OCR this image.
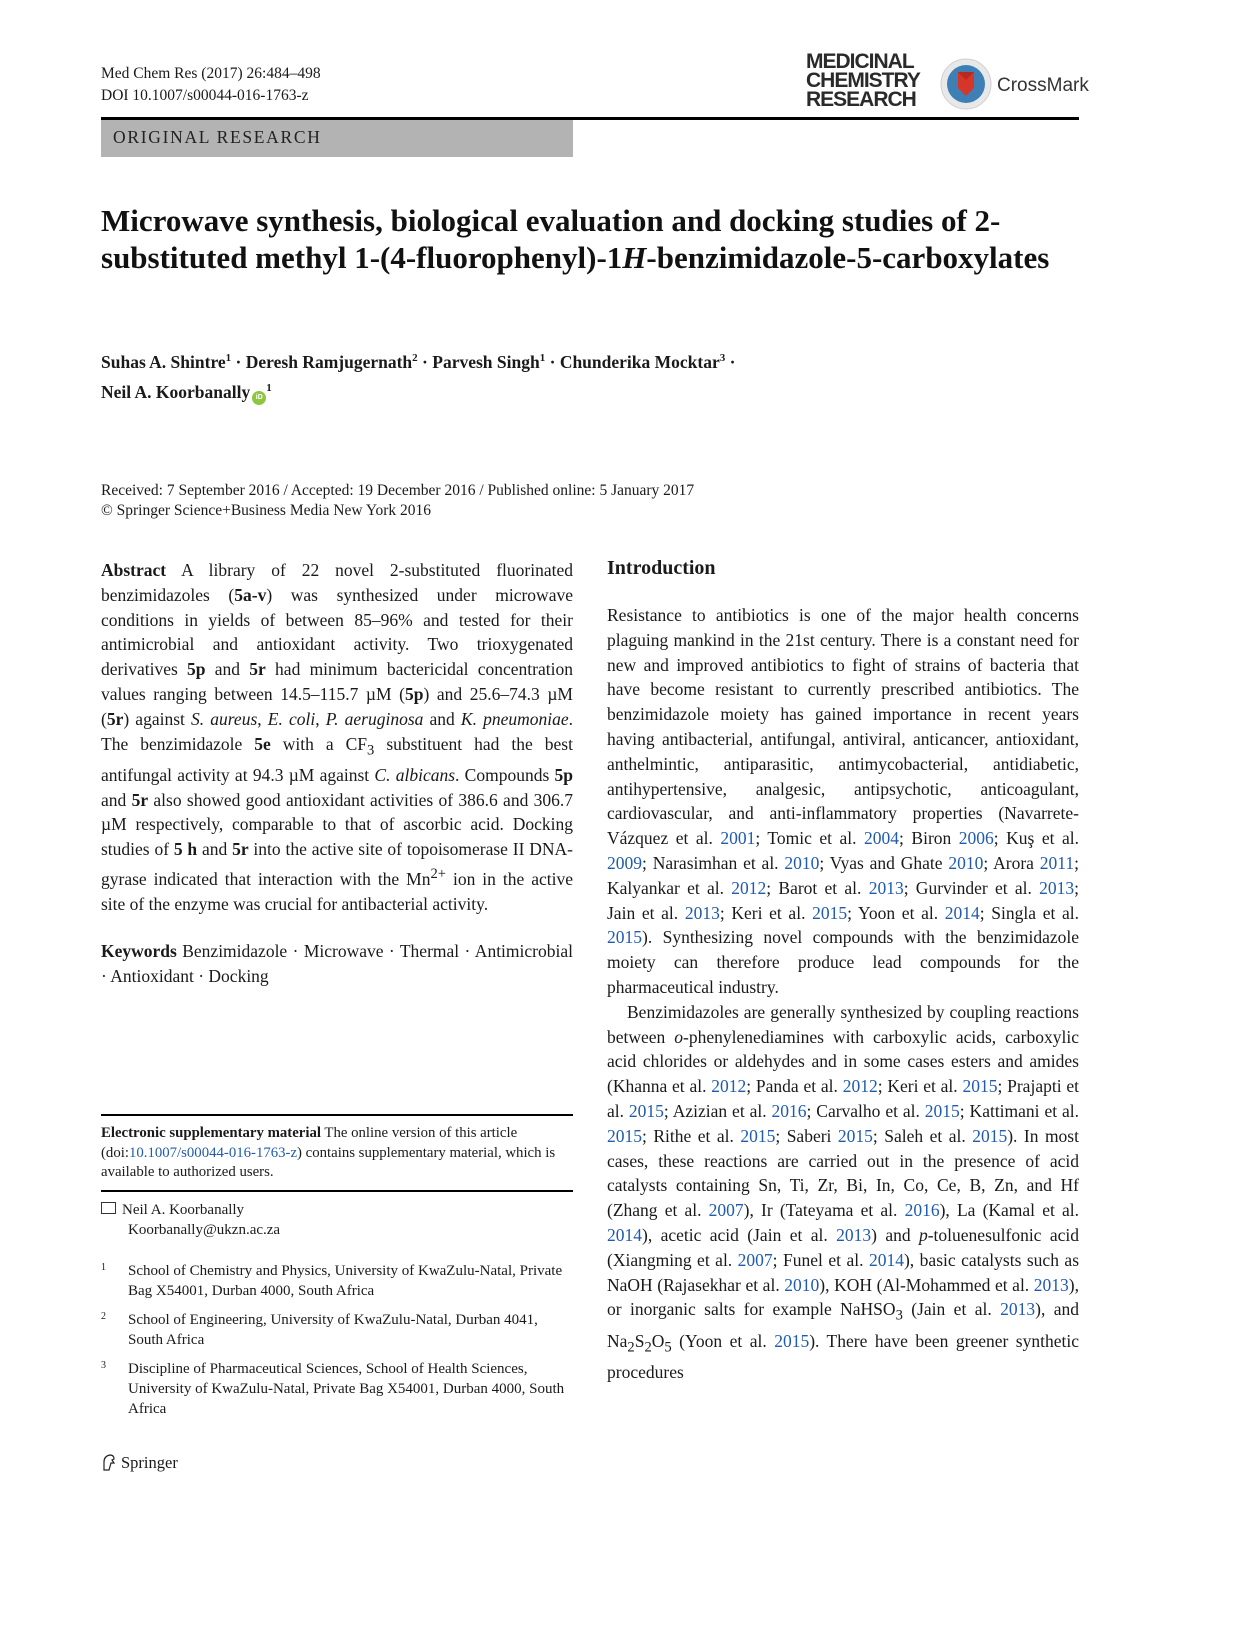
Med Chem Res (2017) 26:484–498
DOI 10.1007/s00044-016-1763-z
MEDICINAL
CHEMISTRY
RESEARCH
CrossMark
ORIGINAL RESEARCH
Microwave synthesis, biological evaluation and docking studies of 2-substituted methyl 1-(4-fluorophenyl)-1H-benzimidazole-5-carboxylates
Suhas A. Shintre$^1$ · Deresh Ramjugernath$^2$ · Parvesh Singh$^1$ · Chunderika Mocktar$^3$ ·
Neil A. Koorbanally $iD^1$
Received: 7 September 2016 / Accepted: 19 December 2016 / Published online: 5 January 2017
© Springer Science+Business Media New York 2016

Abstract A library of 22 novel 2-substituted fluorinated benzimidazoles (5a-v) was synthesized under microwave conditions in yields of between 85–96% and tested for their antimicrobial and antioxidant activity. Two trioxygenated derivatives 5p and 5r had minimum bactericidal concentration values ranging between 14.5–115.7 µM (5p) and 25.6–74.3 µM (5r) against S. aureus, E. coli, P. aeruginosa and K. pneumoniae. The benzimidazole 5e with a $CF_3$ substituent had the best antifungal activity at 94.3 µM against C. albicans. Compounds 5p and 5r also showed good antioxidant activities of 386.6 and 306.7 µM respectively, comparable to that of ascorbic acid. Docking studies of 5 h and 5r into the active site of topoisomerase II DNA-gyrase indicated that interaction with the $Mn^{2+}$ ion in the active site of the enzyme was crucial for antibacterial activity.

Keywords Benzimidazole · Microwave · Thermal · Antimicrobial · Antioxidant · Docking

Electronic supplementary material The online version of this article (doi:10.1007/s00044-016-1763-z) contains supplementary material, which is available to authorized users.
Neil A. Koorbanally
Koorbanally@ukzn.ac.za
1 School of Chemistry and Physics, University of KwaZulu-Natal, Private Bag X54001, Durban 4000, South Africa
2 School of Engineering, University of KwaZulu-Natal, Durban 4041, South Africa
3 Discipline of Pharmaceutical Sciences, School of Health Sciences, University of KwaZulu-Natal, Private Bag X54001, Durban 4000, South Africa
Springer
Introduction

Resistance to antibiotics is one of the major health concerns plaguing mankind in the 21st century. There is a constant need for new and improved antibiotics to fight of strains of bacteria that have become resistant to currently prescribed antibiotics. The benzimidazole moiety has gained importance in recent years having antibacterial, antifungal, antiviral, anticancer, antioxidant, anthelmintic, antiparasitic, antimycobacterial, antidiabetic, antihypertensive, analgesic, antipsychotic, anticoagulant, cardiovascular, and anti-inflammatory properties (Navarrete-Vázquez et al. 2001; Tomic et al. 2004; Biron 2006; Kuş et al. 2009; Narasimhan et al. 2010; Vyas and Ghate 2010; Arora 2011; Kalyankar et al. 2012; Barot et al. 2013; Gurvinder et al. 2013; Jain et al. 2013; Keri et al. 2015; Yoon et al. 2014; Singla et al. 2015). Synthesizing novel compounds with the benzimidazole moiety can therefore produce lead compounds for the pharmaceutical industry.

Benzimidazoles are generally synthesized by coupling reactions between o-phenylenediamines with carboxylic acids, carboxylic acid chlorides or aldehydes and in some cases esters and amides (Khanna et al. 2012; Panda et al. 2012; Keri et al. 2015; Prajapti et al. 2015; Azizian et al. 2016; Carvalho et al. 2015; Kattimani et al. 2015; Rithe et al. 2015; Saberi 2015; Saleh et al. 2015). In most cases, these reactions are carried out in the presence of acid catalysts containing Sn, Ti, Zr, Bi, In, Co, Ce, B, Zn, and Hf (Zhang et al. 2007), Ir (Tateyama et al. 2016), La (Kamal et al. 2014), acetic acid (Jain et al. 2013) and p-toluenesulfonic acid (Xiangming et al. 2007; Funel et al. 2014), basic catalysts such as NaOH (Rajasekhar et al. 2010), KOH (Al-Mohammed et al. 2013), or inorganic salts for example NaHSO$_3$ (Jain et al. 2013), and $Na_2S_2O_5$ (Yoon et al. 2015). There have been greener synthetic procedures
